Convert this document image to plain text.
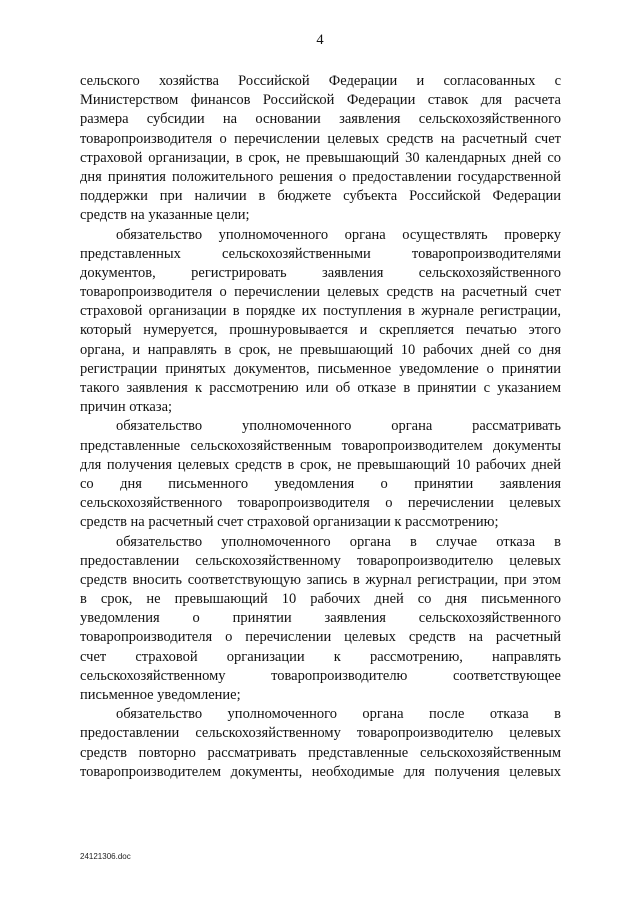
4
сельского хозяйства Российской Федерации и согласованных с
Министерством финансов Российской Федерации ставок для расчета
размера субсидии на основании заявления сельскохозяйственного
товаропроизводителя о перечислении целевых средств на расчетный счет
страховой организации, в срок, не превышающий 30 календарных дней со
дня принятия положительного решения о предоставлении государственной
поддержки при наличии в бюджете субъекта Российской Федерации
средств на указанные цели;
обязательство уполномоченного органа осуществлять проверку
представленных сельскохозяйственными товаропроизводителями
документов, регистрировать заявления сельскохозяйственного
товаропроизводителя о перечислении целевых средств на расчетный счет
страховой организации в порядке их поступления в журнале регистрации,
который нумеруется, прошнуровывается и скрепляется печатью этого
органа, и направлять в срок, не превышающий 10 рабочих дней со дня
регистрации принятых документов, письменное уведомление о принятии
такого заявления к рассмотрению или об отказе в принятии с указанием
причин отказа;
обязательство уполномоченного органа рассматривать
представленные сельскохозяйственным товаропроизводителем документы
для получения целевых средств в срок, не превышающий 10 рабочих дней
со дня письменного уведомления о принятии заявления
сельскохозяйственного товаропроизводителя о перечислении целевых
средств на расчетный счет страховой организации к рассмотрению;
обязательство уполномоченного органа в случае отказа в
предоставлении сельскохозяйственному товаропроизводителю целевых
средств вносить соответствующую запись в журнал регистрации, при этом
в срок, не превышающий 10 рабочих дней со дня письменного
уведомления о принятии заявления сельскохозяйственного
товаропроизводителя о перечислении целевых средств на расчетный
счет страховой организации к рассмотрению, направлять
сельскохозяйственному товаропроизводителю соответствующее
письменное уведомление;
обязательство уполномоченного органа после отказа в
предоставлении сельскохозяйственному товаропроизводителю целевых
средств повторно рассматривать представленные сельскохозяйственным
товаропроизводителем документы, необходимые для получения целевых
24121306.doc
